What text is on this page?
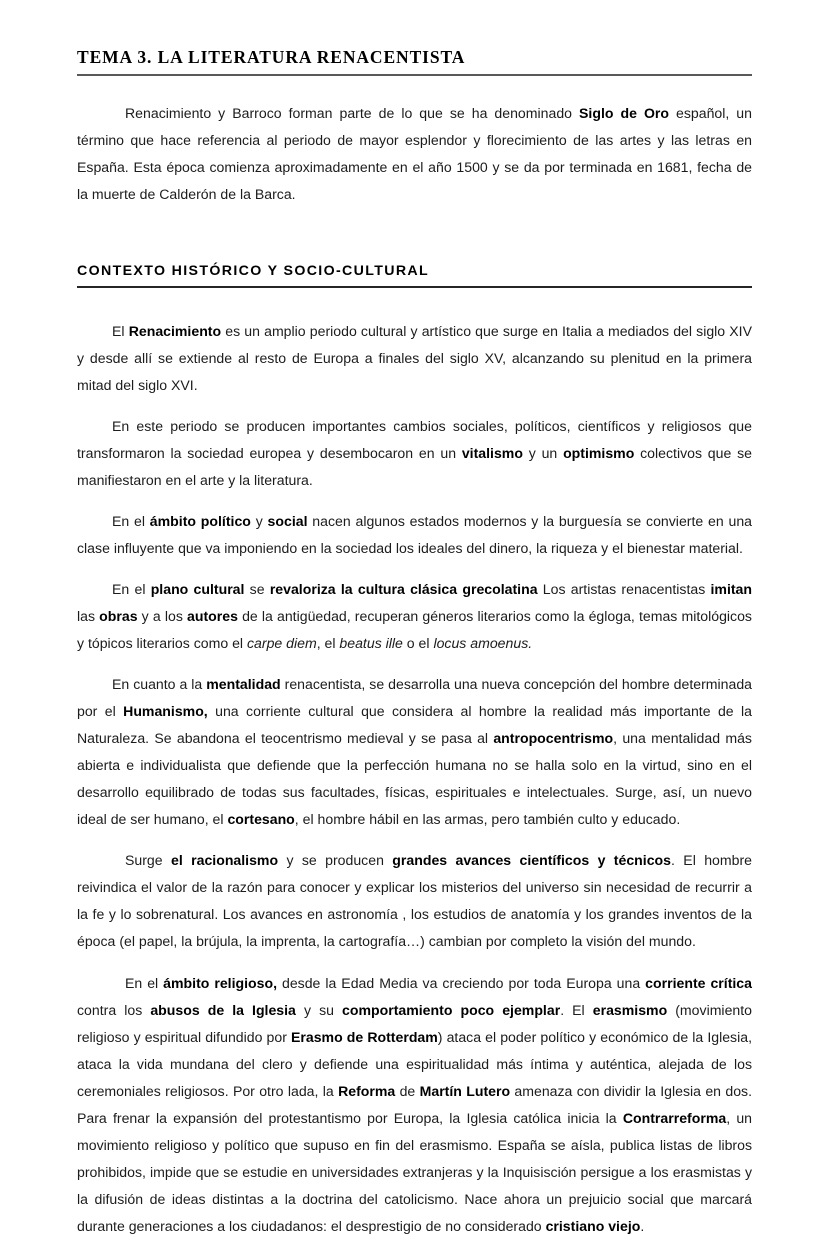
TEMA 3. LA LITERATURA RENACENTISTA

Renacimiento y Barroco forman parte de lo que se ha denominado Siglo de Oro español, un término que hace referencia al periodo de mayor esplendor y florecimiento de las artes y las letras en España. Esta época comienza aproximadamente en el año 1500 y se da por terminada en 1681, fecha de la muerte de Calderón de la Barca.

CONTEXTO HISTÓRICO Y SOCIO-CULTURAL

El Renacimiento es un amplio periodo cultural y artístico que surge en Italia a mediados del siglo XIV y desde allí se extiende al resto de Europa a finales del siglo XV, alcanzando su plenitud en la primera mitad del siglo XVI.

En este periodo se producen importantes cambios sociales, políticos, científicos y religiosos que transformaron la sociedad europea y desembocaron en un vitalismo y un optimismo colectivos que se manifiestaron en el arte y la literatura.

En el ámbito político y social nacen algunos estados modernos y la burguesía se convierte en una clase influyente que va imponiendo en la sociedad los ideales del dinero, la riqueza y el bienestar material.

En el plano cultural se revaloriza la cultura clásica grecolatina Los artistas renacentistas imitan las obras y a los autores de la antigüedad, recuperan géneros literarios como la égloga, temas mitológicos y tópicos literarios como el carpe diem, el beatus ille o el locus amoenus.

En cuanto a la mentalidad renacentista, se desarrolla una nueva concepción del hombre determinada por el Humanismo, una corriente cultural que considera al hombre la realidad más importante de la Naturaleza. Se abandona el teocentrismo medieval y se pasa al antropocentrismo, una mentalidad más abierta e individualista que defiende que la perfección humana no se halla solo en la virtud, sino en el desarrollo equilibrado de todas sus facultades, físicas, espirituales e intelectuales. Surge, así, un nuevo ideal de ser humano, el cortesano, el hombre hábil en las armas, pero también culto y educado.

Surge el racionalismo y se producen grandes avances científicos y técnicos. El hombre reivindica el valor de la razón para conocer y explicar los misterios del universo sin necesidad de recurrir a la fe y lo sobrenatural. Los avances en astronomía , los estudios de anatomía y los grandes inventos de la época (el papel, la brújula, la imprenta, la cartografía…) cambian por completo la visión del mundo.

En el ámbito religioso, desde la Edad Media va creciendo por toda Europa una corriente crítica contra los abusos de la Iglesia y su comportamiento poco ejemplar. El erasmismo (movimiento religioso y espiritual difundido por Erasmo de Rotterdam) ataca el poder político y económico de la Iglesia, ataca la vida mundana del clero y defiende una espiritualidad más íntima y auténtica, alejada de los ceremoniales religiosos. Por otro lada, la Reforma de Martín Lutero amenaza con dividir la Iglesia en dos. Para frenar la expansión del protestantismo por Europa, la Iglesia católica inicia la Contrarreforma, un movimiento religioso y político que supuso en fin del erasmismo. España se aísla, publica listas de libros prohibidos, impide que se estudie en universidades extranjeras y la Inquisisción persigue a los erasmistas y la difusión de ideas distintas a la doctrina del catolicismo. Nace ahora un prejuicio social que marcará durante generaciones a los ciudadanos: el desprestigio de no considerado cristiano viejo.
